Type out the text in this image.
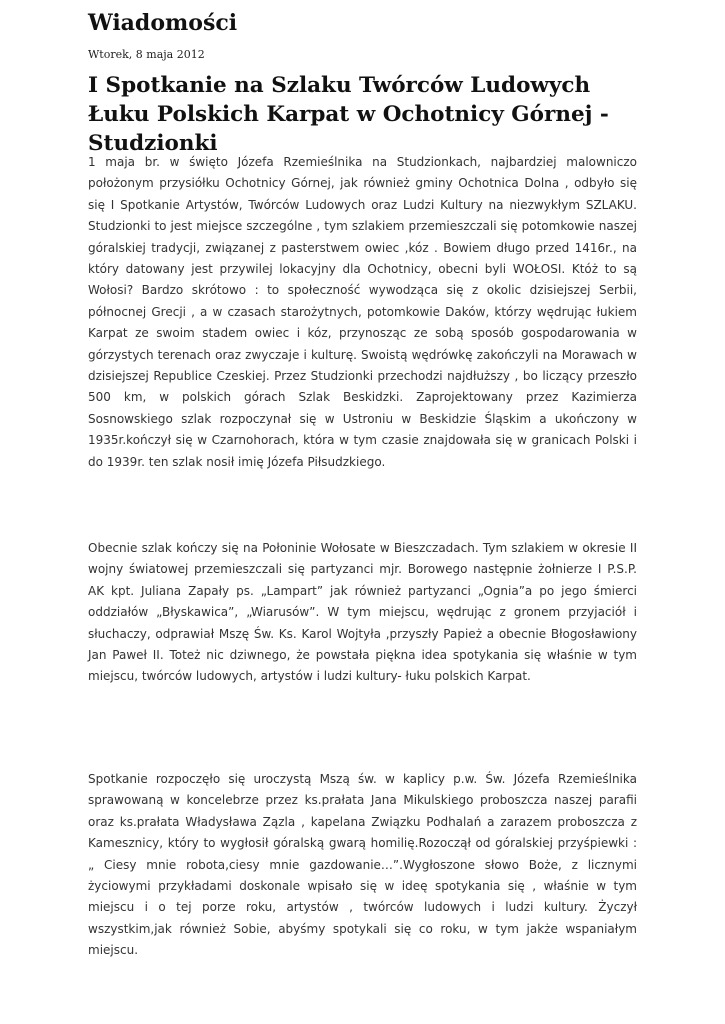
Wiadomości

Wtorek, 8 maja 2012

I Spotkanie na Szlaku Twórców Ludowych Łuku Polskich Karpat w Ochotnicy Górnej - Studzionki

1 maja br. w święto Józefa Rzemieślnika na Studzionkach, najbardziej malowniczo położonym przysiółku Ochotnicy Górnej, jak również gminy Ochotnica Dolna , odbyło się się I Spotkanie Artystów, Twórców Ludowych oraz Ludzi Kultury na niezwykłym SZLAKU. Studzionki to jest miejsce szczególne , tym szlakiem przemieszczali się potomkowie naszej góralskiej tradycji, związanej z pasterstwem owiec ,kóz . Bowiem długo przed 1416r., na który datowany jest przywilej lokacyjny dla Ochotnicy, obecni byli WOŁOSI. Któż to są Wołosi? Bardzo skrótowo : to społeczność wywodząca się z okolic dzisiejszej Serbii, północnej Grecji , a w czasach starożytnych, potomkowie Daków, którzy wędrując łukiem Karpat ze swoim stadem owiec i kóz, przynosząc ze sobą sposób gospodarowania w górzystych terenach oraz zwyczaje i kulturę. Swoistą wędrówkę zakończyli na Morawach w dzisiejszej Republice Czeskiej. Przez Studzionki przechodzi najdłuższy , bo liczący przeszło 500 km, w polskich górach Szlak Beskidzki. Zaprojektowany przez Kazimierza Sosnowskiego szlak rozpoczynał się w Ustroniu w Beskidzie Śląskim a ukończony w 1935r.kończył się w Czarnohorach, która w tym czasie znajdowała się w granicach Polski i do 1939r. ten szlak nosił imię Józefa Piłsudzkiego.

Obecnie szlak kończy się na Połoninie Wołosate w Bieszczadach. Tym szlakiem w okresie II wojny światowej przemieszczali się partyzanci mjr. Borowego następnie żołnierze I P.S.P. AK kpt. Juliana Zapały ps. „Lampart” jak również partyzanci „Ognia”a po jego śmierci oddziałów „Błyskawica”, „Wiarusów”. W tym miejscu, wędrując z gronem przyjaciół i słuchaczy, odprawiał Mszę Św. Ks. Karol Wojtyła ,przyszły Papież a obecnie Błogosławiony Jan Paweł II. Toteż nic dziwnego, że powstała piękna idea spotykania się właśnie w tym miejscu, twórców ludowych, artystów i ludzi kultury- łuku polskich Karpat.

Spotkanie rozpoczęło się uroczystą Mszą św. w kaplicy p.w. Św. Józefa Rzemieślnika sprawowaną w koncelebrze przez ks.prałata Jana Mikulskiego proboszcza naszej parafii oraz ks.prałata Władysława Zązla , kapelana Związku Podhalań a zarazem proboszcza z Kamesznicy, który to wygłosił góralską gwarą homilię.Rozoczął od góralskiej przyśpiewki : „ Ciesy mnie robota,ciesy mnie gazdowanie…”.Wygłoszone słowo Boże, z licznymi życiowymi przykładami doskonale wpisało się w ideę spotykania się , właśnie w tym miejscu i o tej porze roku, artystów , twórców ludowych i ludzi kultury. Życzył wszystkim,jak również Sobie, abyśmy spotykali się co roku, w tym jakże wspaniałym miejscu.
